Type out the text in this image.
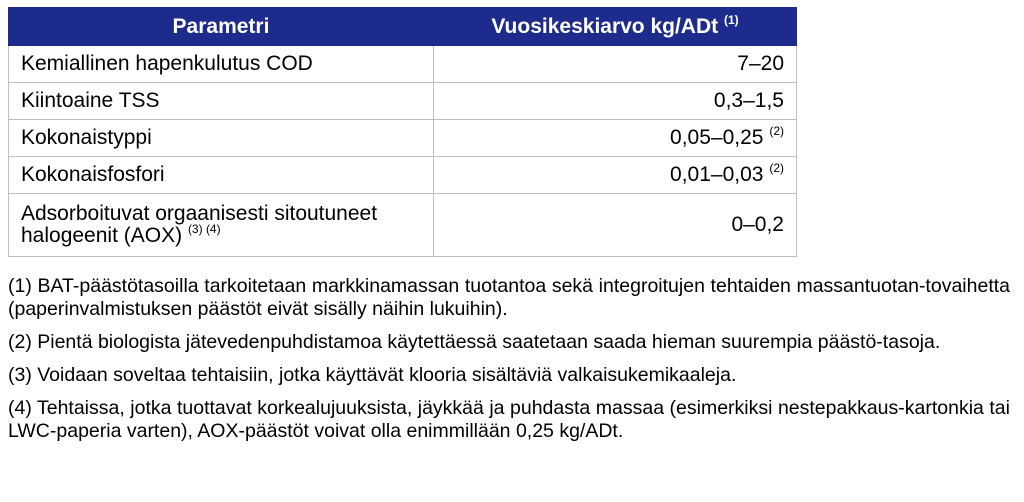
Parametri	Vuosikeskiarvo kg/ADt $^{(1)}$
Kemiallinen hapenkulutus COD	7–20
Kiintoaine TSS	0,3–1,5
Kokonaistyppi	0,05–0,25 $^{(2)}$
Kokonaisfosfori	0,01–0,03 $^{(2)}$
Adsorboituvat orgaanisesti sitoutuneet halogeenit (AOX) $^{(3) (4)}$	0–0,2

(1) BAT-päästötasoilla tarkoitetaan markkinamassan tuotantoa sekä integroitujen tehtaiden massantuotan-tovaihetta (paperinvalmistuksen päästöt eivät sisälly näihin lukuihin).

(2) Pientä biologista jätevedenpuhdistamoa käytettäessä saatetaan saada hieman suurempia päästö-tasoja.

(3) Voidaan soveltaa tehtaisiin, jotka käyttävät klooria sisältäviä valkaisukemikaaleja.

(4) Tehtaissa, jotka tuottavat korkealujuuksista, jäykkää ja puhdasta massaa (esimerkiksi nestepakkaus-kartonkia tai LWC-paperia varten), AOX-päästöt voivat olla enimmillään 0,25 kg/ADt.
